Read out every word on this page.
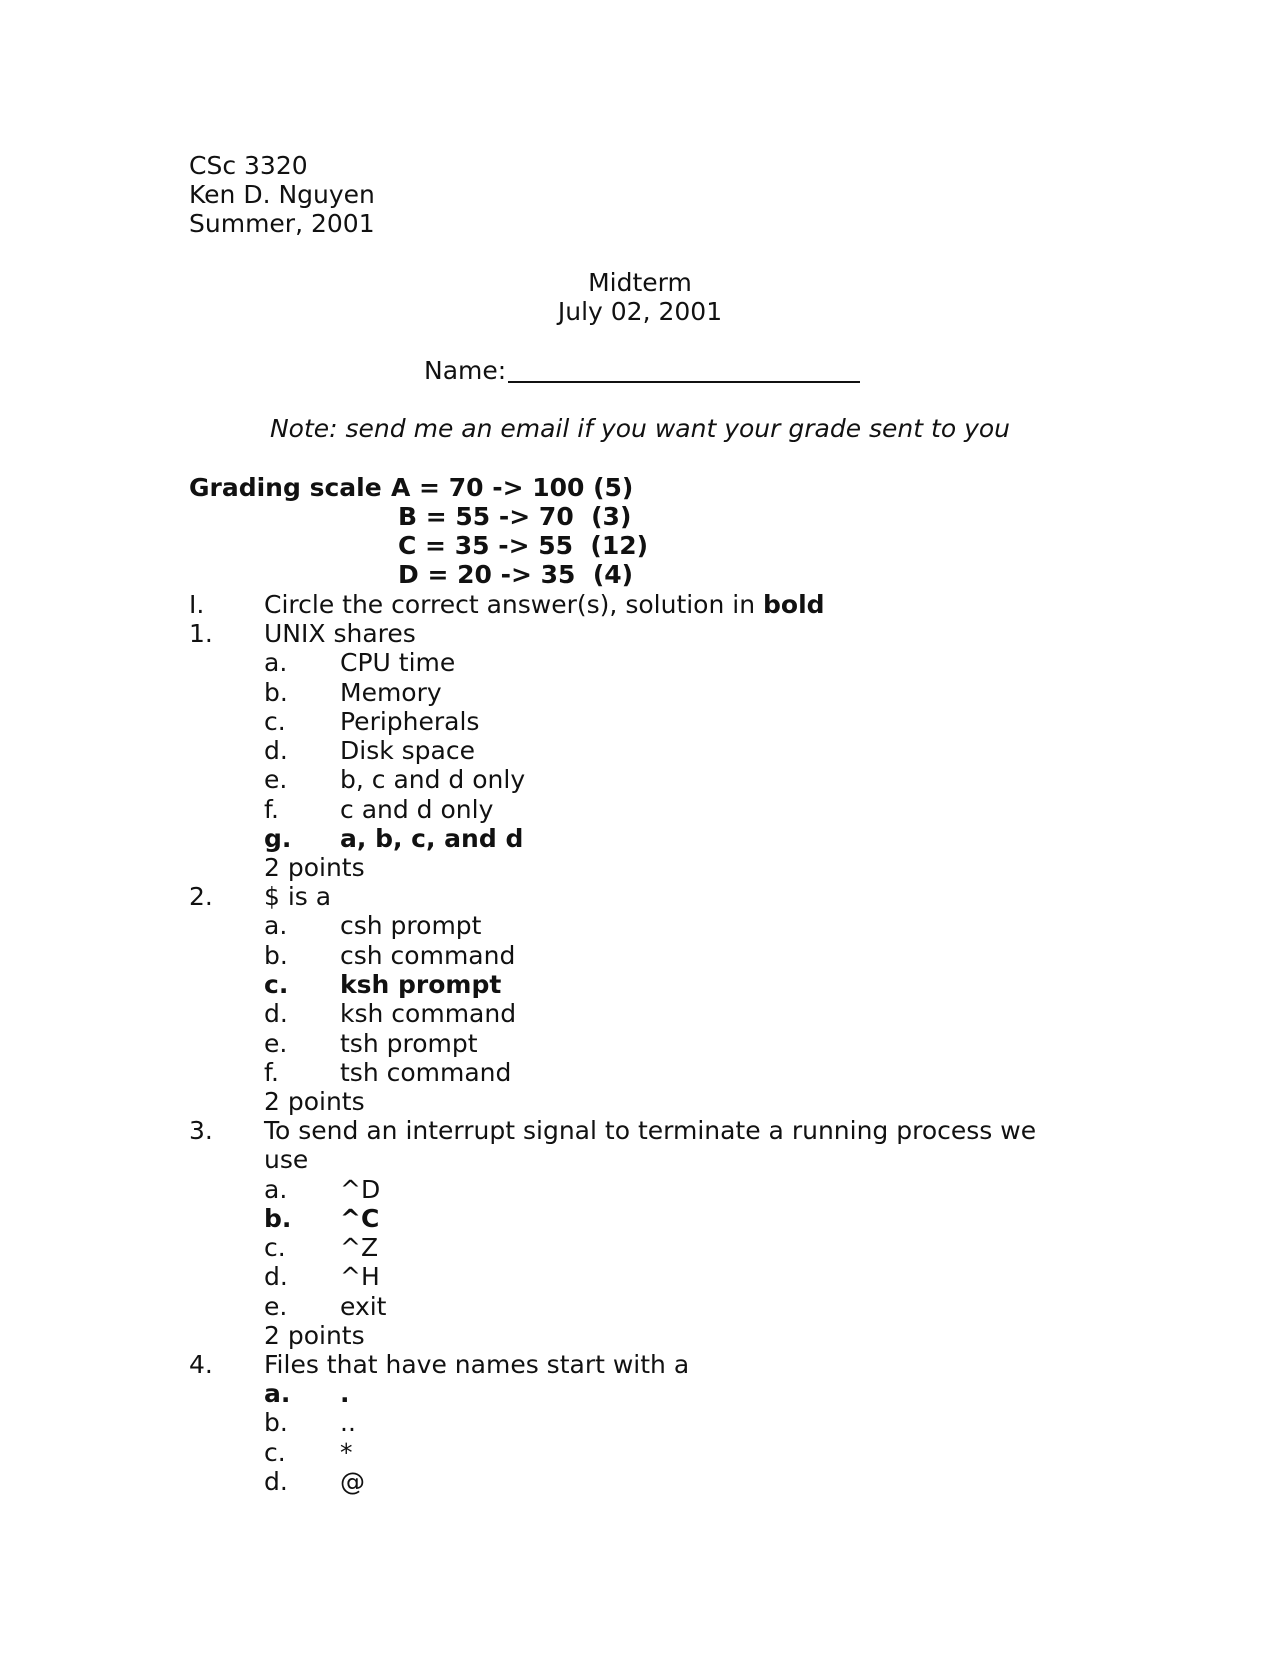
CSc 3320
Ken D. Nguyen
Summer, 2001
Midterm
July 02, 2001
Name:
Note: send me an email if you want your grade sent to you
Grading scale A = 70 -> 100 (5)
B = 55 -> 70  (3)
C = 35 -> 55  (12)
D = 20 -> 35  (4)
I. Circle the correct answer(s), solution in bold
1. UNIX shares
a. CPU time
b. Memory
c. Peripherals
d. Disk space
e. b, c and d only
f. c and d only
g. a, b, c, and d
2 points
2. $ is a
a. csh prompt
b. csh command
c. ksh prompt
d. ksh command
e. tsh prompt
f. tsh command
2 points
3. To send an interrupt signal to terminate a running process we
use
a. ^D
b. ^C
c. ^Z
d. ^H
e. exit
2 points
4. Files that have names start with a
a. .
b. ..
c. *
d. @
